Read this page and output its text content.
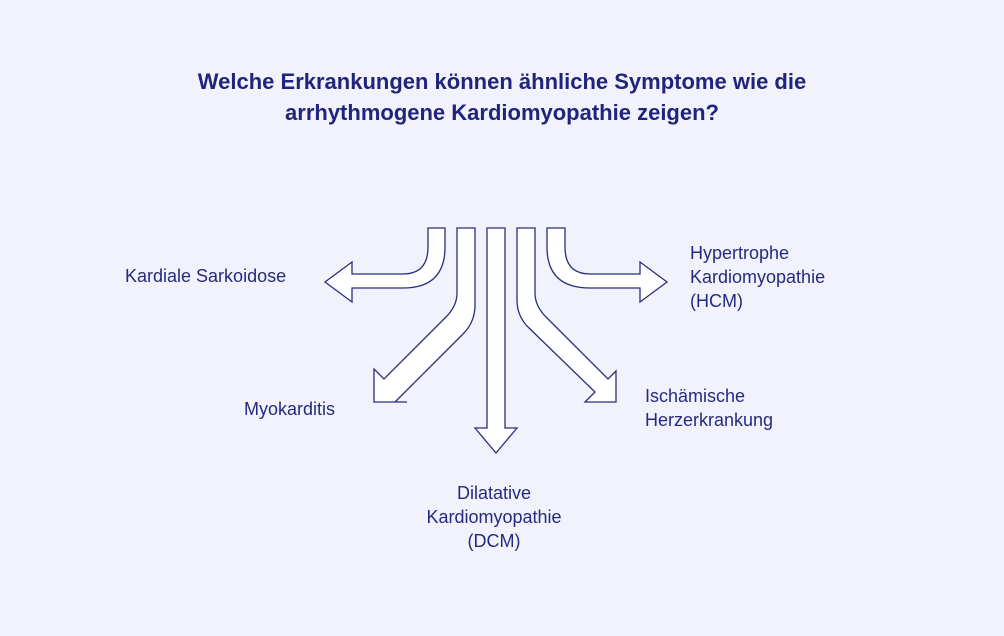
Welche Erkrankungen können ähnliche Symptome wie die
arrhythmogene Kardiomyopathie zeigen?
Kardiale Sarkoidose
Hypertrophe
Kardiomyopathie
(HCM)
Myokarditis
Ischämische
Herzerkrankung
Dilatative
Kardiomyopathie
(DCM)
